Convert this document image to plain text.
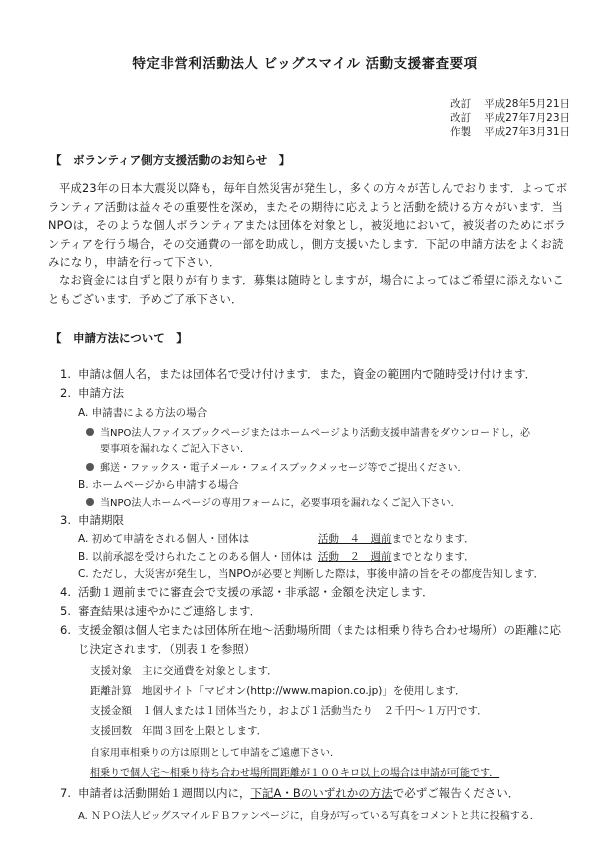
特定非営利活動法人 ビッグスマイル 活動支援審査要項
改訂 平成28年5月21日
改訂 平成27年7月23日
作製 平成27年3月31日
【　ボランティア側方支援活動のお知らせ　】
平成23年の日本大震災以降も，毎年自然災害が発生し，多くの方々が苦しんでおります．よってボランティア活動は益々その重要性を深め，またその期待に応えようと活動を続ける方々がいます．当NPOは，そのような個人ボランティアまたは団体を対象とし，被災地において，被災者のためにボランティアを行う場合，その交通費の一部を助成し，側方支援いたします．下記の申請方法をよくお読みになり，申請を行って下さい．
なお資金には自ずと限りが有ります．募集は随時としますが，場合によってはご希望に添えないこともございます．予めご了承下さい．
【　申請方法について　】
1. 申請は個人名，または団体名で受け付けます．また，資金の範囲内で随時受け付けます．
2. 申請方法
A. 申請書による方法の場合
当NPO法人ファイスブックページまたはホームページより活動支援申請書をダウンロードし，必
要事項を漏れなくご記入下さい．
郵送・ファックス・電子メール・フェイスブックメッセージ等でご提出ください．
B. ホームページから申請する場合
当NPO法人ホームページの専用フォームに，必要事項を漏れなくご記入下さい．
3. 申請期限
A. 初めて申請をされる個人・団体は	活動　４　週前までとなります．
B. 以前承認を受けられたことのある個人・団体は 活動　２　週前までとなります．
C. ただし，大災害が発生し，当NPOが必要と判断した際は，事後申請の旨をその都度告知します．
4. 活動１週前までに審査会で支援の承認・非承認・金額を決定します．
5. 審査結果は速やかにご連絡します．
6. 支援金額は個人宅または団体所在地～活動場所間（または相乗り待ち合わせ場所）の距離に応
じ決定されます．（別表１を参照）
支援対象 主に交通費を対象とします．
距離計算 地図サイト「マピオン(http://www.mapion.co.jp)」を使用します．
支援金額 １個人または１団体当たり，および１活動当たり　２千円～１万円です．
支援回数 年間３回を上限とします．
自家用車相乗りの方は原則として申請をご遠慮下さい．
相乗りで個人宅～相乗り待ち合わせ場所間距離が１００キロ以上の場合は申請が可能です．
7. 申請者は活動開始１週間以内に，下記A・Bのいずれかの方法で必ずご報告ください．
A. ＮＰＯ法人ビッグスマイルＦＢファンページに，自身が写っている写真をコメントと共に投稿する．
